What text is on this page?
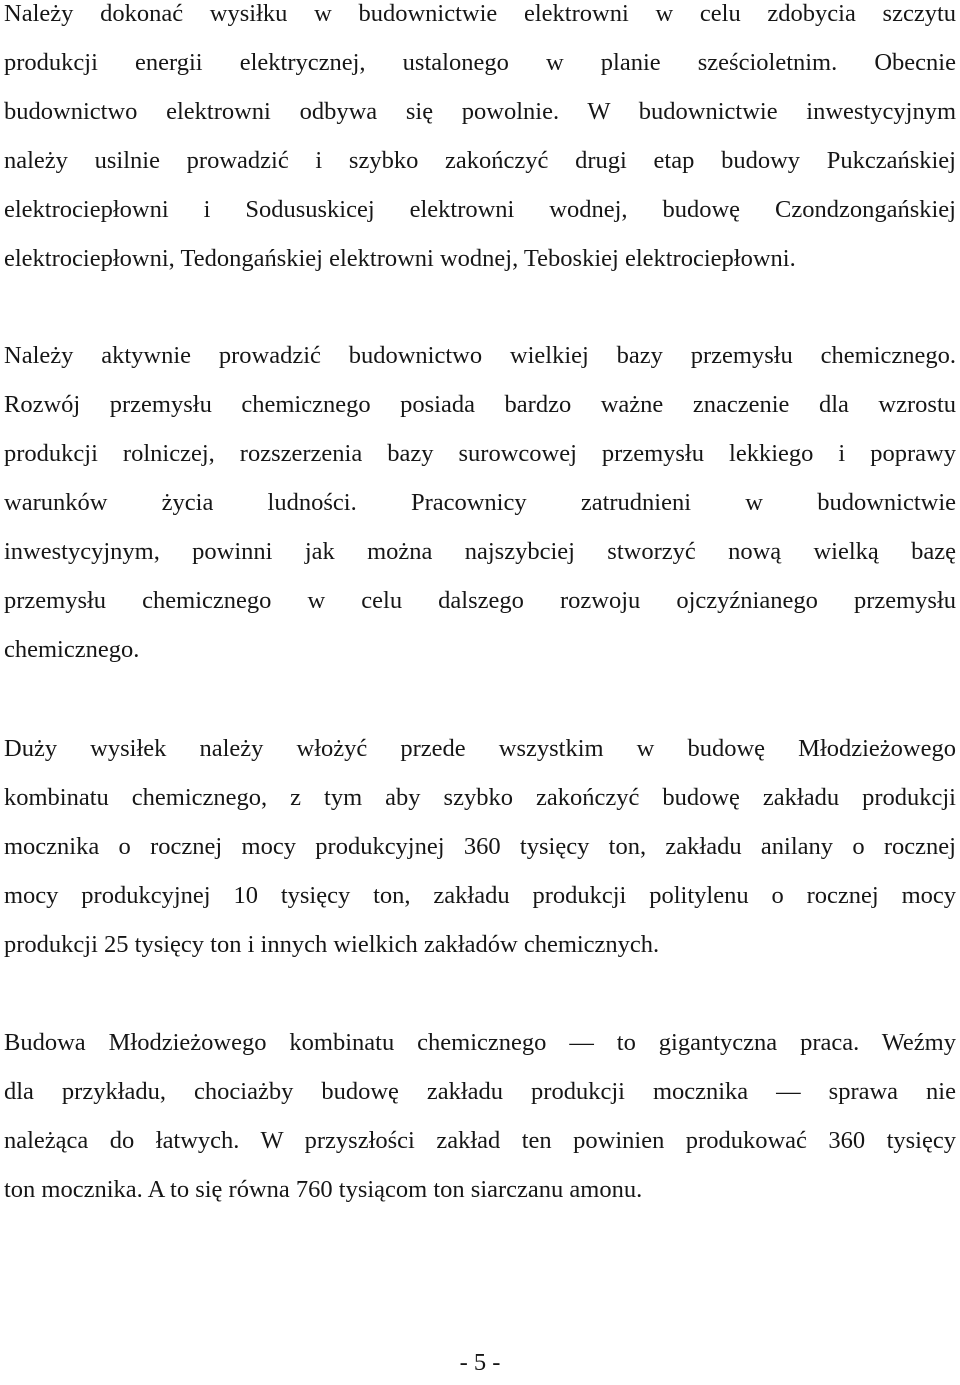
Należy dokonać wysiłku w budownictwie elektrowni w celu zdobycia szczytu
produkcji energii elektrycznej, ustalonego w planie sześcioletnim. Obecnie
budownictwo elektrowni odbywa się powolnie. W budownictwie inwestycyjnym
należy usilnie prowadzić i szybko zakończyć drugi etap budowy Pukczańskiej
elektrociepłowni i Sodususkicej elektrowni wodnej, budowę Czondzongańskiej
elektrociepłowni, Tedongańskiej elektrowni wodnej, Teboskiej elektrociepłowni.
Należy aktywnie prowadzić budownictwo wielkiej bazy przemysłu chemicznego.
Rozwój przemysłu chemicznego posiada bardzo ważne znaczenie dla wzrostu
produkcji rolniczej, rozszerzenia bazy surowcowej przemysłu lekkiego i poprawy
warunków życia ludności. Pracownicy zatrudnieni w budownictwie
inwestycyjnym, powinni jak można najszybciej stworzyć nową wielką bazę
przemysłu chemicznego w celu dalszego rozwoju ojczyźnianego przemysłu
chemicznego.
Duży wysiłek należy włożyć przede wszystkim w budowę Młodzieżowego
kombinatu chemicznego, z tym aby szybko zakończyć budowę zakładu produkcji
mocznika o rocznej mocy produkcyjnej 360 tysięcy ton, zakładu anilany o rocznej
mocy produkcyjnej 10 tysięcy ton, zakładu produkcji politylenu o rocznej mocy
produkcji 25 tysięcy ton i innych wielkich zakładów chemicznych.
Budowa Młodzieżowego kombinatu chemicznego — to gigantyczna praca. Weźmy
dla przykładu, chociażby budowę zakładu produkcji mocznika — sprawa nie
należąca do łatwych. W przyszłości zakład ten powinien produkować 360 tysięcy
ton mocznika. A to się równa 760 tysiącom ton siarczanu amonu.
- 5 -
